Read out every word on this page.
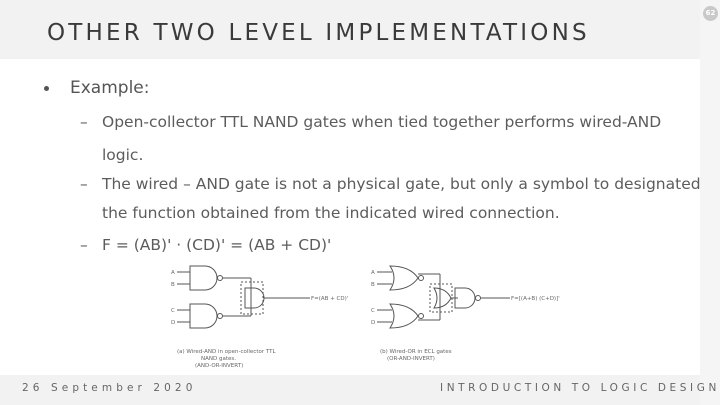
62
OTHER TWO LEVEL IMPLEMENTATIONS
Example:
– Open-collector TTL NAND gates when tied together performs wired-AND
logic.
– The wired – AND gate is not a physical gate, but only a symbol to designated
the function obtained from the indicated wired connection.
– F = (AB)' · (CD)' = (AB + CD)'
A
B
C
D
F=(AB + CD)'
(a) Wired-AND in open-collector TTL
NAND gates.
(AND-OR-INVERT)
A
B
C
D
F=[(A+B) (C+D)]'
(b) Wired-OR in ECL gates
(OR-AND-INVERT)
26 September 2020	INTRODUCTION TO LOGIC DESIGN
